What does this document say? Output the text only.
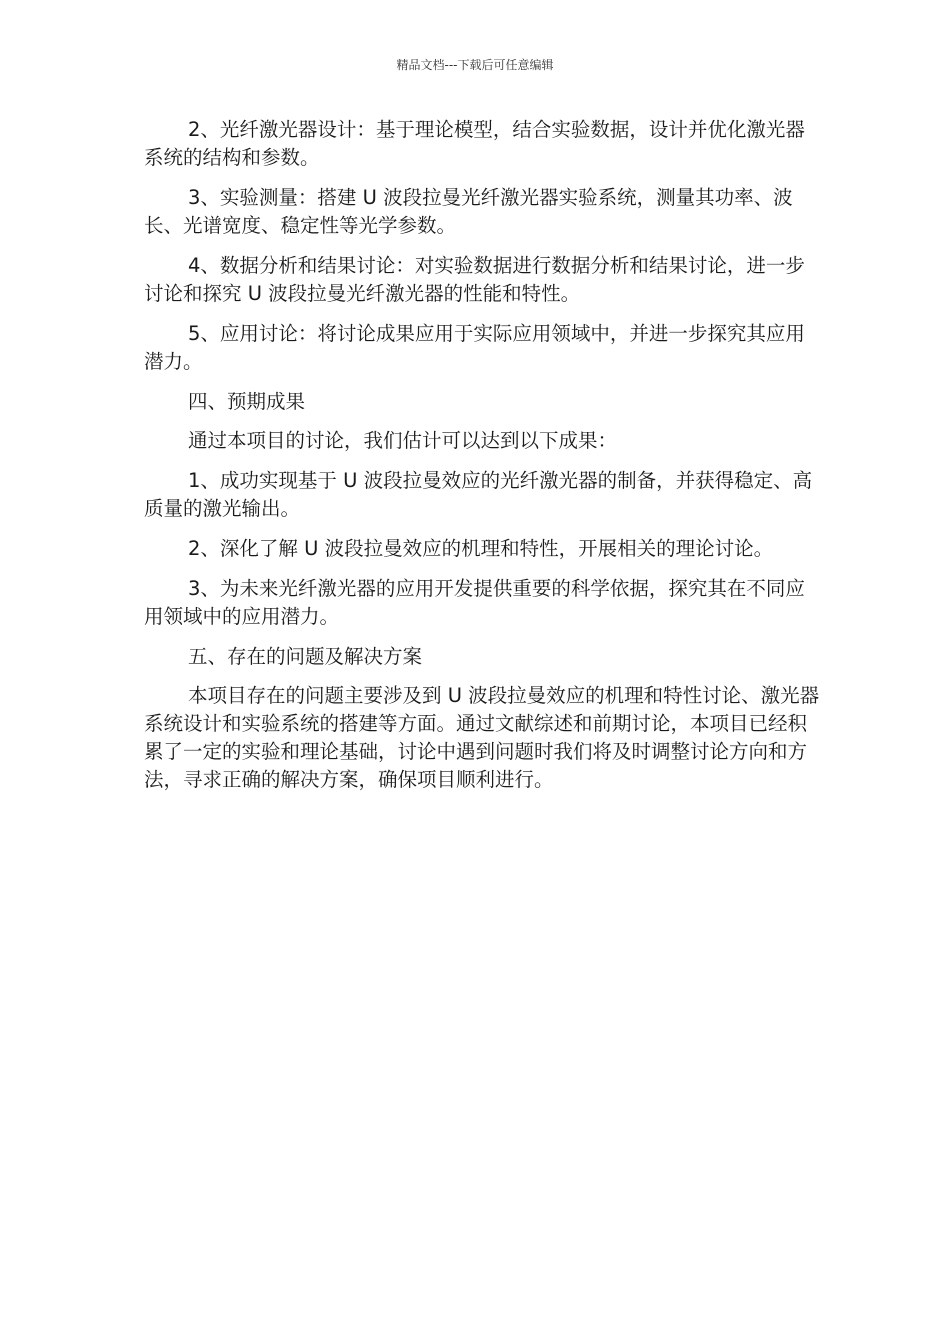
精品文档---下载后可任意编辑

2、光纤激光器设计：基于理论模型，结合实验数据，设计并优化激光器系统的结构和参数。

3、实验测量：搭建 U 波段拉曼光纤激光器实验系统，测量其功率、波长、光谱宽度、稳定性等光学参数。

4、数据分析和结果讨论：对实验数据进行数据分析和结果讨论，进一步讨论和探究 U 波段拉曼光纤激光器的性能和特性。

5、应用讨论：将讨论成果应用于实际应用领域中，并进一步探究其应用潜力。

四、预期成果

通过本项目的讨论，我们估计可以达到以下成果：

1、成功实现基于 U 波段拉曼效应的光纤激光器的制备，并获得稳定、高质量的激光输出。

2、深化了解 U 波段拉曼效应的机理和特性，开展相关的理论讨论。

3、为未来光纤激光器的应用开发提供重要的科学依据，探究其在不同应用领域中的应用潜力。

五、存在的问题及解决方案

本项目存在的问题主要涉及到 U 波段拉曼效应的机理和特性讨论、激光器系统设计和实验系统的搭建等方面。通过文献综述和前期讨论，本项目已经积累了一定的实验和理论基础，讨论中遇到问题时我们将及时调整讨论方向和方法，寻求正确的解决方案，确保项目顺利进行。
